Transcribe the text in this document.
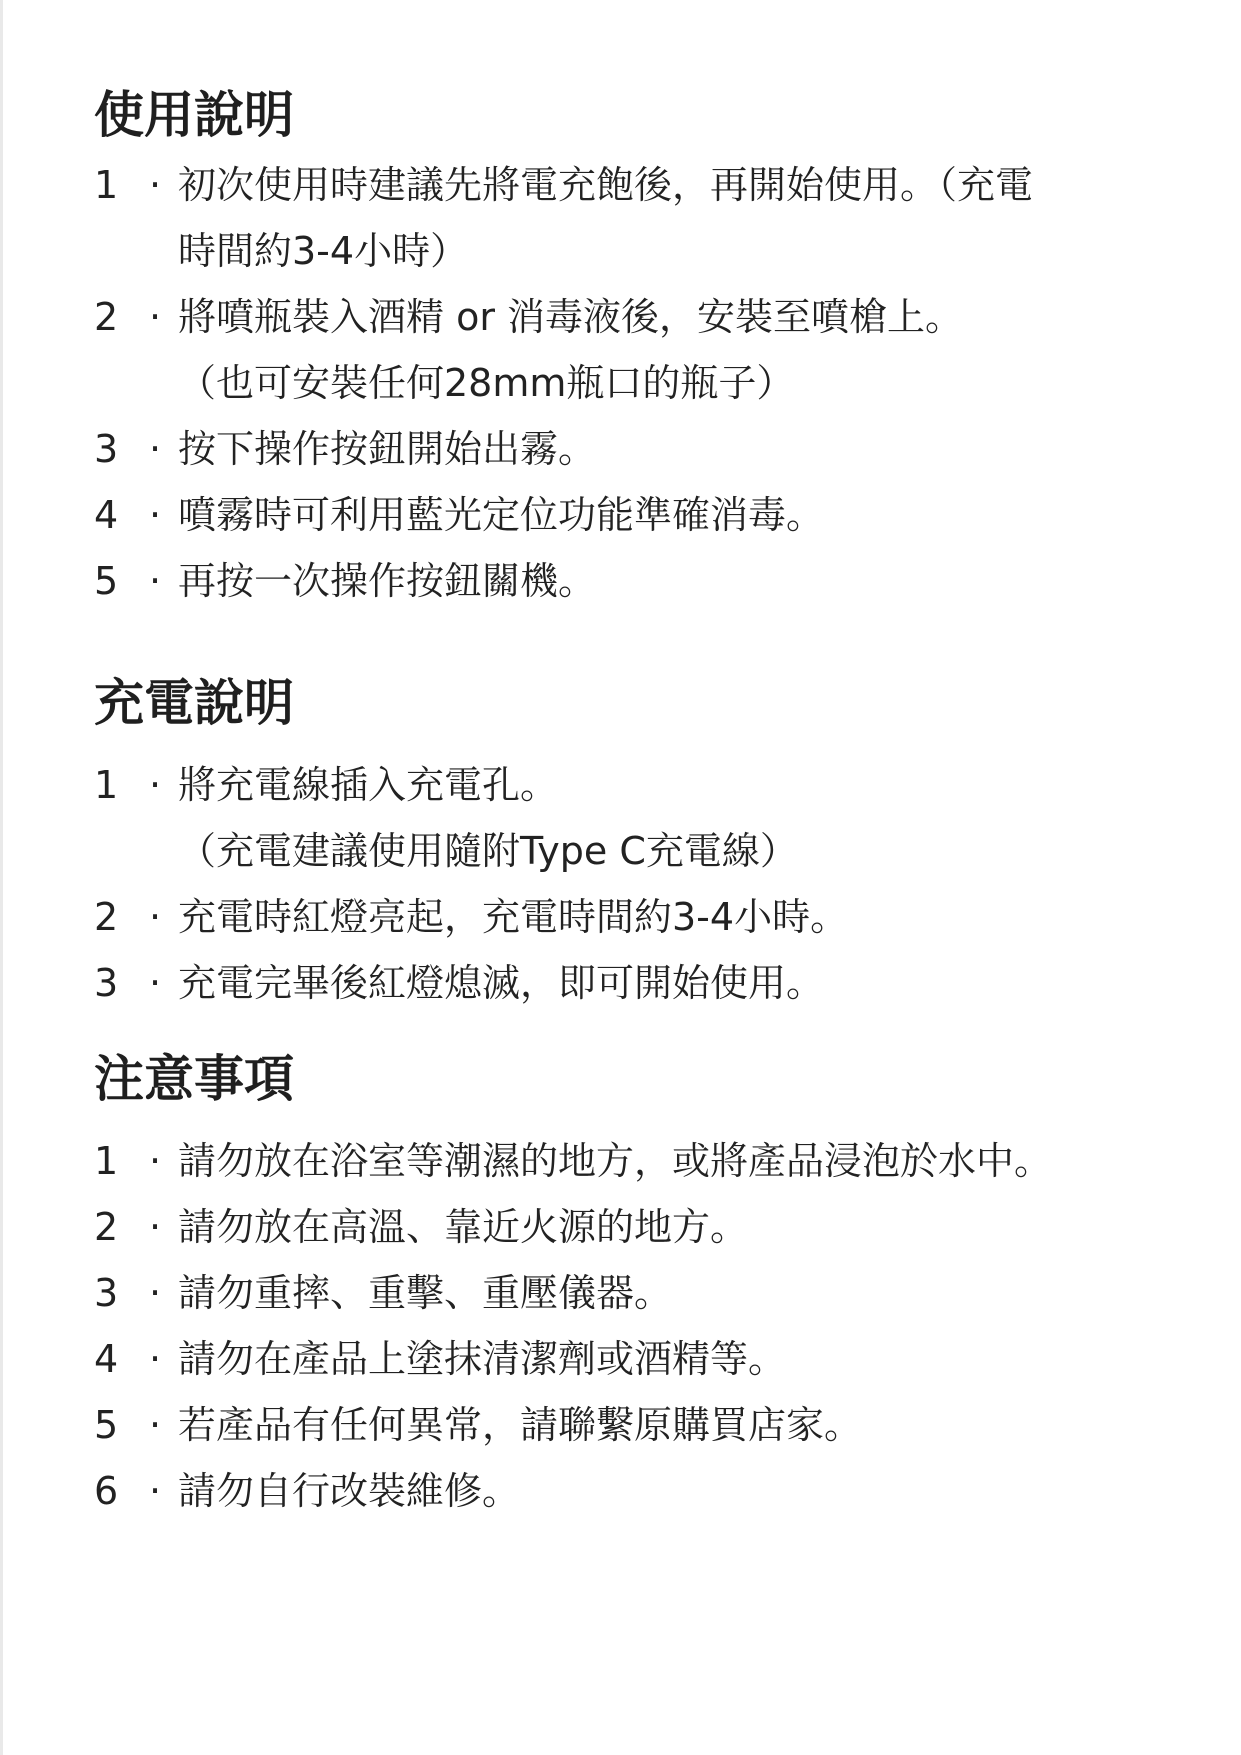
使用說明
1 · 初次使用時建議先將電充飽後，再開始使用。（充電
時間約3-4小時）
2 · 將噴瓶裝入酒精 or 消毒液後，安裝至噴槍上。
（也可安裝任何28mm瓶口的瓶子）
3 · 按下操作按鈕開始出霧。
4 · 噴霧時可利用藍光定位功能準確消毒。
5 · 再按一次操作按鈕關機。
充電說明
1 · 將充電線插入充電孔。
（充電建議使用隨附Type C充電線）
2 · 充電時紅燈亮起，充電時間約3-4小時。
3 · 充電完畢後紅燈熄滅，即可開始使用。
注意事項
1 · 請勿放在浴室等潮濕的地方，或將產品浸泡於水中。
2 · 請勿放在高溫、靠近火源的地方。
3 · 請勿重摔、重擊、重壓儀器。
4 · 請勿在產品上塗抹清潔劑或酒精等。
5 · 若產品有任何異常，請聯繫原購買店家。
6 · 請勿自行改裝維修。
